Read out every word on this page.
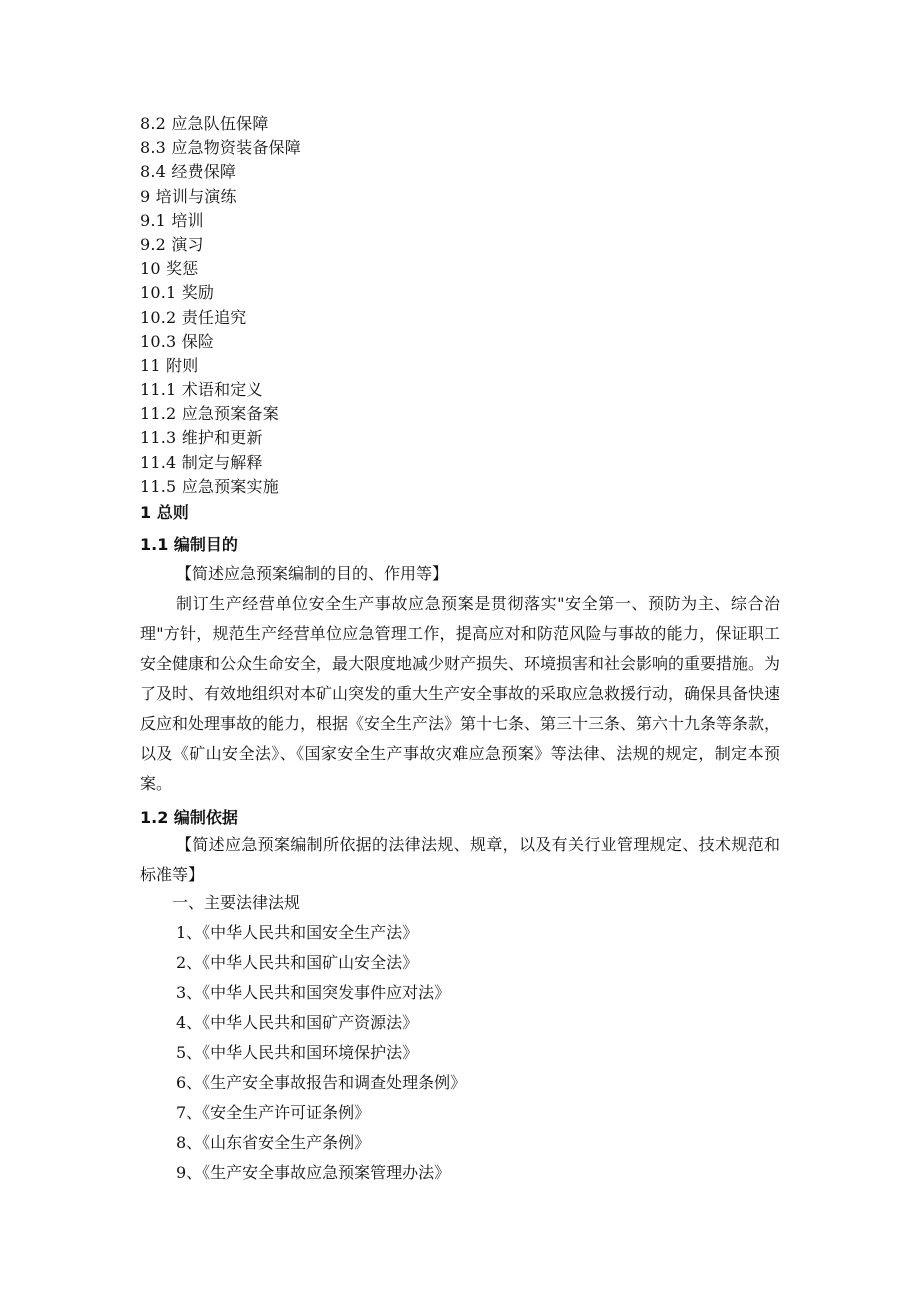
8.2 应急队伍保障
8.3 应急物资装备保障
8.4 经费保障
9 培训与演练
9.1 培训
9.2 演习
10 奖惩
10.1 奖励
10.2 责任追究
10.3 保险
11 附则
11.1 术语和定义
11.2 应急预案备案
11.3 维护和更新
11.4 制定与解释
11.5 应急预案实施
1 总则
1.1 编制目的
【简述应急预案编制的目的、作用等】
制订生产经营单位安全生产事故应急预案是贯彻落实"安全第一、预防为主、综合治理"方针，规范生产经营单位应急管理工作，提高应对和防范风险与事故的能力，保证职工安全健康和公众生命安全，最大限度地减少财产损失、环境损害和社会影响的重要措施。为了及时、有效地组织对本矿山突发的重大生产安全事故的采取应急救援行动，确保具备快速反应和处理事故的能力，根据《安全生产法》第十七条、第三十三条、第六十九条等条款，以及《矿山安全法》、《国家安全生产事故灾难应急预案》等法律、法规的规定，制定本预案。
1.2 编制依据
【简述应急预案编制所依据的法律法规、规章，以及有关行业管理规定、技术规范和标准等】
一、主要法律法规
1、《中华人民共和国安全生产法》
2、《中华人民共和国矿山安全法》
3、《中华人民共和国突发事件应对法》
4、《中华人民共和国矿产资源法》
5、《中华人民共和国环境保护法》
6、《生产安全事故报告和调查处理条例》
7、《安全生产许可证条例》
8、《山东省安全生产条例》
9、《生产安全事故应急预案管理办法》
